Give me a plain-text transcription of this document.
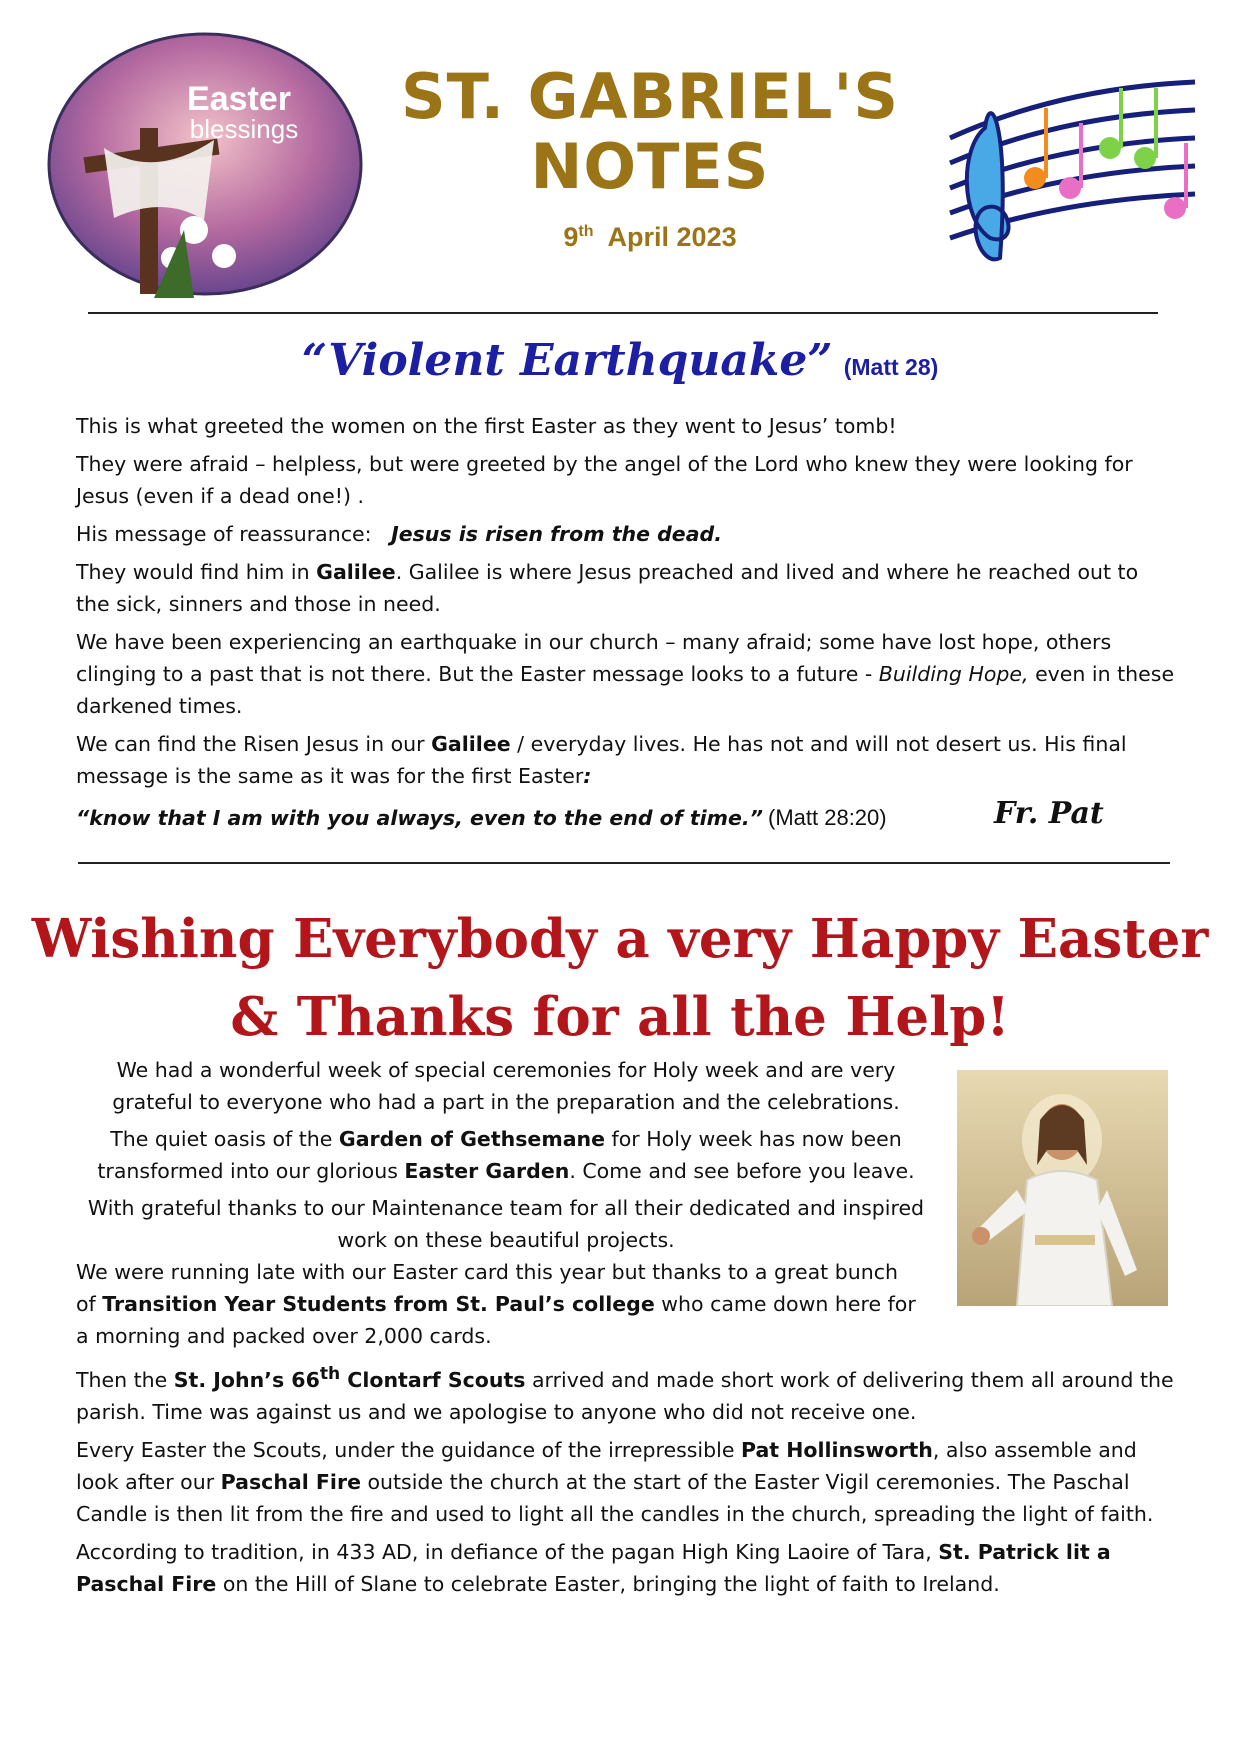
Easter
blessings	ST. GABRIEL'S
NOTES
9th April 2023
“Violent Earthquake” (Matt 28)

This is what greeted the women on the first Easter as they went to Jesus’ tomb!

They were afraid – helpless, but were greeted by the angel of the Lord who knew they were looking for Jesus (even if a dead one!) .

His message of reassurance: Jesus is risen from the dead.

They would find him in Galilee. Galilee is where Jesus preached and lived and where he reached out to the sick, sinners and those in need.

We have been experiencing an earthquake in our church – many afraid; some have lost hope, others clinging to a past that is not there. But the Easter message looks to a future - Building Hope, even in these darkened times.

We can find the Risen Jesus in our Galilee / everyday lives. He has not and will not desert us. His final message is the same as it was for the first Easter:

“know that I am with you always, even to the end of time.” (Matt 28:20)	Fr. Pat
Wishing Everybody a very Happy Easter
& Thanks for all the Help!

We had a wonderful week of special ceremonies for Holy week and are very grateful to everyone who had a part in the preparation and the celebrations.

The quiet oasis of the Garden of Gethsemane for Holy week has now been transformed into our glorious Easter Garden. Come and see before you leave.

With grateful thanks to our Maintenance team for all their dedicated and inspired work on these beautiful projects.

We were running late with our Easter card this year but thanks to a great bunch of Transition Year Students from St. Paul’s college who came down here for a morning and packed over 2,000 cards.

Then the St. John’s 66th Clontarf Scouts arrived and made short work of delivering them all around the parish. Time was against us and we apologise to anyone who did not receive one.

Every Easter the Scouts, under the guidance of the irrepressible Pat Hollinsworth, also assemble and look after our Paschal Fire outside the church at the start of the Easter Vigil ceremonies. The Paschal Candle is then lit from the fire and used to light all the candles in the church, spreading the light of faith.

According to tradition, in 433 AD, in defiance of the pagan High King Laoire of Tara, St. Patrick lit a Paschal Fire on the Hill of Slane to celebrate Easter, bringing the light of faith to Ireland.
